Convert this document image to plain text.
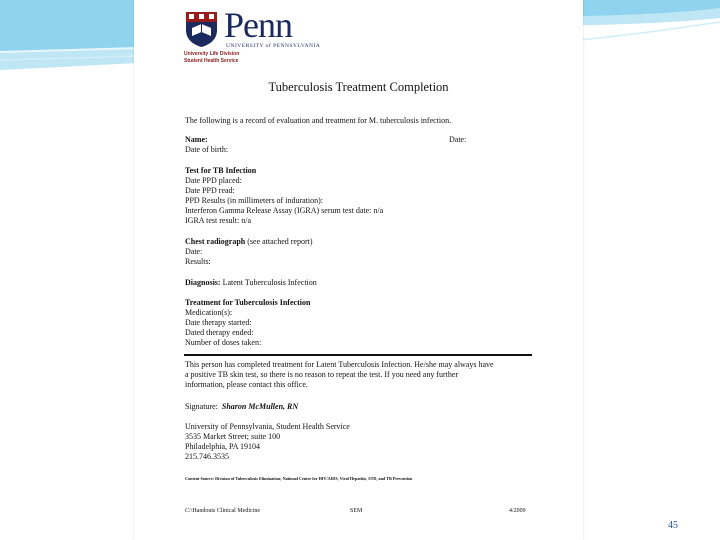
Penn
UNIVERSITY of PENNSYLVANIA
University Life Division
Student Health Service
Tuberculosis Treatment Completion
The following is a record of evaluation and treatment for M. tuberculosis infection.
Name:	Date:
Date of birth:
Test for TB Infection
Date PPD placed:
Date PPD read:
PPD Results (in millimeters of induration):
Interferon Gamma Release Assay (IGRA) serum test date: n/a
IGRA test result: n/a
Chest radiograph (see attached report)
Date:
Results:
Diagnosis: Latent Tuberculosis Infection
Treatment for Tuberculosis Infection
Medication(s):
Date therapy started:
Dated therapy ended:
Number of doses taken:
This person has completed treatment for Latent Tuberculosis Infection. He/she may always have
a positive TB skin test, so there is no reason to repeat the test. If you need any further
information, please contact this office.
Signature: Sharon McMullen, RN
University of Pennsylvania, Student Health Service
3535 Market Street; suite 100
Philadelphia, PA 19104
215.746.3535
Content Source: Division of Tuberculosis Elimination; National Center for HIV/AIDS, Viral Hepatitis, STD, and TB Prevention
C:\Handouts Clinical Medicine	SEM	4/2009
45
